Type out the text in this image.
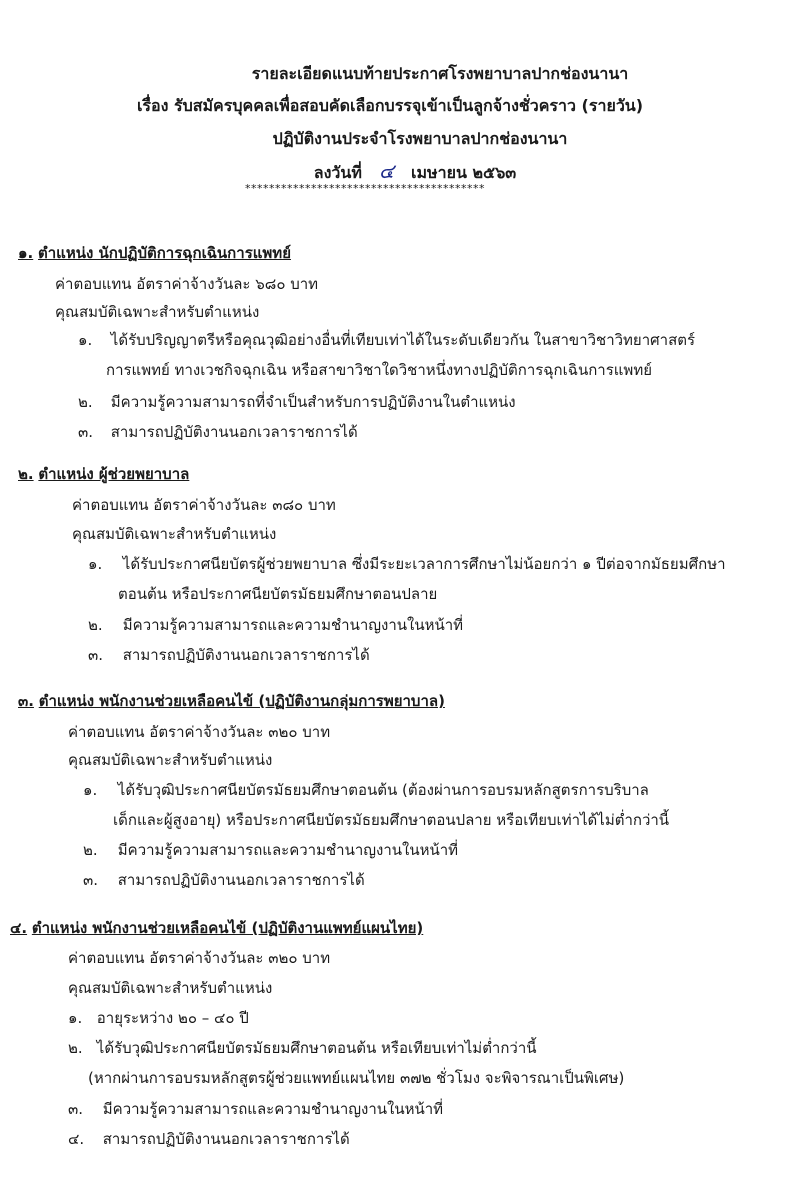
รายละเอียดแนบท้ายประกาศโรงพยาบาลปากช่องนานา
เรื่อง รับสมัครบุคคลเพื่อสอบคัดเลือกบรรจุเข้าเป็นลูกจ้างชั่วคราว (รายวัน)
ปฏิบัติงานประจำโรงพยาบาลปากช่องนานา
ลงวันที่ ๔ เมษายน ๒๕๖๓
****************************************
๑. ตำแหน่ง นักปฏิบัติการฉุกเฉินการแพทย์
ค่าตอบแทน อัตราค่าจ้างวันละ ๖๘๐ บาท
คุณสมบัติเฉพาะสำหรับตำแหน่ง
๑. ได้รับปริญญาตรีหรือคุณวุฒิอย่างอื่นที่เทียบเท่าได้ในระดับเดียวกัน ในสาขาวิชาวิทยาศาสตร์
การแพทย์ ทางเวชกิจฉุกเฉิน หรือสาขาวิชาใดวิชาหนึ่งทางปฏิบัติการฉุกเฉินการแพทย์
๒. มีความรู้ความสามารถที่จำเป็นสำหรับการปฏิบัติงานในตำแหน่ง
๓. สามารถปฏิบัติงานนอกเวลาราชการได้
๒. ตำแหน่ง ผู้ช่วยพยาบาล
ค่าตอบแทน อัตราค่าจ้างวันละ ๓๘๐ บาท
คุณสมบัติเฉพาะสำหรับตำแหน่ง
๑. ได้รับประกาศนียบัตรผู้ช่วยพยาบาล ซึ่งมีระยะเวลาการศึกษาไม่น้อยกว่า ๑ ปีต่อจากมัธยมศึกษา
ตอนต้น หรือประกาศนียบัตรมัธยมศึกษาตอนปลาย
๒. มีความรู้ความสามารถและความชำนาญงานในหน้าที่
๓. สามารถปฏิบัติงานนอกเวลาราชการได้
๓. ตำแหน่ง พนักงานช่วยเหลือคนไข้ (ปฏิบัติงานกลุ่มการพยาบาล)
ค่าตอบแทน อัตราค่าจ้างวันละ ๓๒๐ บาท
คุณสมบัติเฉพาะสำหรับตำแหน่ง
๑. ได้รับวุฒิประกาศนียบัตรมัธยมศึกษาตอนต้น (ต้องผ่านการอบรมหลักสูตรการบริบาล
เด็กและผู้สูงอายุ) หรือประกาศนียบัตรมัธยมศึกษาตอนปลาย หรือเทียบเท่าได้ไม่ต่ำกว่านี้
๒. มีความรู้ความสามารถและความชำนาญงานในหน้าที่
๓. สามารถปฏิบัติงานนอกเวลาราชการได้
๔. ตำแหน่ง พนักงานช่วยเหลือคนไข้ (ปฏิบัติงานแพทย์แผนไทย)
ค่าตอบแทน อัตราค่าจ้างวันละ ๓๒๐ บาท
คุณสมบัติเฉพาะสำหรับตำแหน่ง
๑. อายุระหว่าง ๒๐ – ๔๐ ปี
๒. ได้รับวุฒิประกาศนียบัตรมัธยมศึกษาตอนต้น หรือเทียบเท่าไม่ต่ำกว่านี้
(หากผ่านการอบรมหลักสูตรผู้ช่วยแพทย์แผนไทย ๓๗๒ ชั่วโมง จะพิจารณาเป็นพิเศษ)
๓. มีความรู้ความสามารถและความชำนาญงานในหน้าที่
๔. สามารถปฏิบัติงานนอกเวลาราชการได้
